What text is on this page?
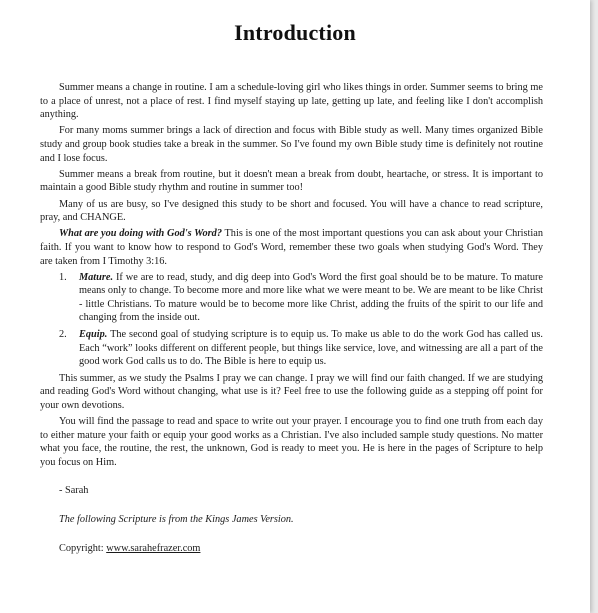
Introduction

Summer means a change in routine. I am a schedule-loving girl who likes things in order. Summer seems to bring me to a place of unrest, not a place of rest. I find myself staying up late, getting up late, and feeling like I don't accomplish anything.

For many moms summer brings a lack of direction and focus with Bible study as well. Many times organized Bible study and group book studies take a break in the summer. So I've found my own Bible study time is definitely not routine and I lose focus.

Summer means a break from routine, but it doesn't mean a break from doubt, heartache, or stress. It is important to maintain a good Bible study rhythm and routine in summer too!

Many of us are busy, so I've designed this study to be short and focused. You will have a chance to read scripture, pray, and CHANGE.

What are you doing with God's Word? This is one of the most important questions you can ask about your Christian faith. If you want to know how to respond to God's Word, remember these two goals when studying God's Word. They are taken from I Timothy 3:16.

1. Mature. If we are to read, study, and dig deep into God's Word the first goal should be to be mature. To mature means only to change. To become more and more like what we were meant to be. We are meant to be like Christ - little Christians. To mature would be to become more like Christ, adding the fruits of the spirit to our life and changing from the inside out.
2. Equip. The second goal of studying scripture is to equip us. To make us able to do the work God has called us. Each “work” looks different on different people, but things like service, love, and witnessing are all a part of the good work God calls us to do. The Bible is here to equip us.

This summer, as we study the Psalms I pray we can change. I pray we will find our faith changed. If we are studying and reading God's Word without changing, what use is it? Feel free to use the following guide as a stepping off point for your own devotions.

You will find the passage to read and space to write out your prayer. I encourage you to find one truth from each day to either mature your faith or equip your good works as a Christian. I've also included sample study questions. No matter what you face, the routine, the rest, the unknown, God is ready to meet you. He is here in the pages of Scripture to help you focus on Him.

- Sarah
The following Scripture is from the Kings James Version.
Copyright: www.sarahefrazer.com
